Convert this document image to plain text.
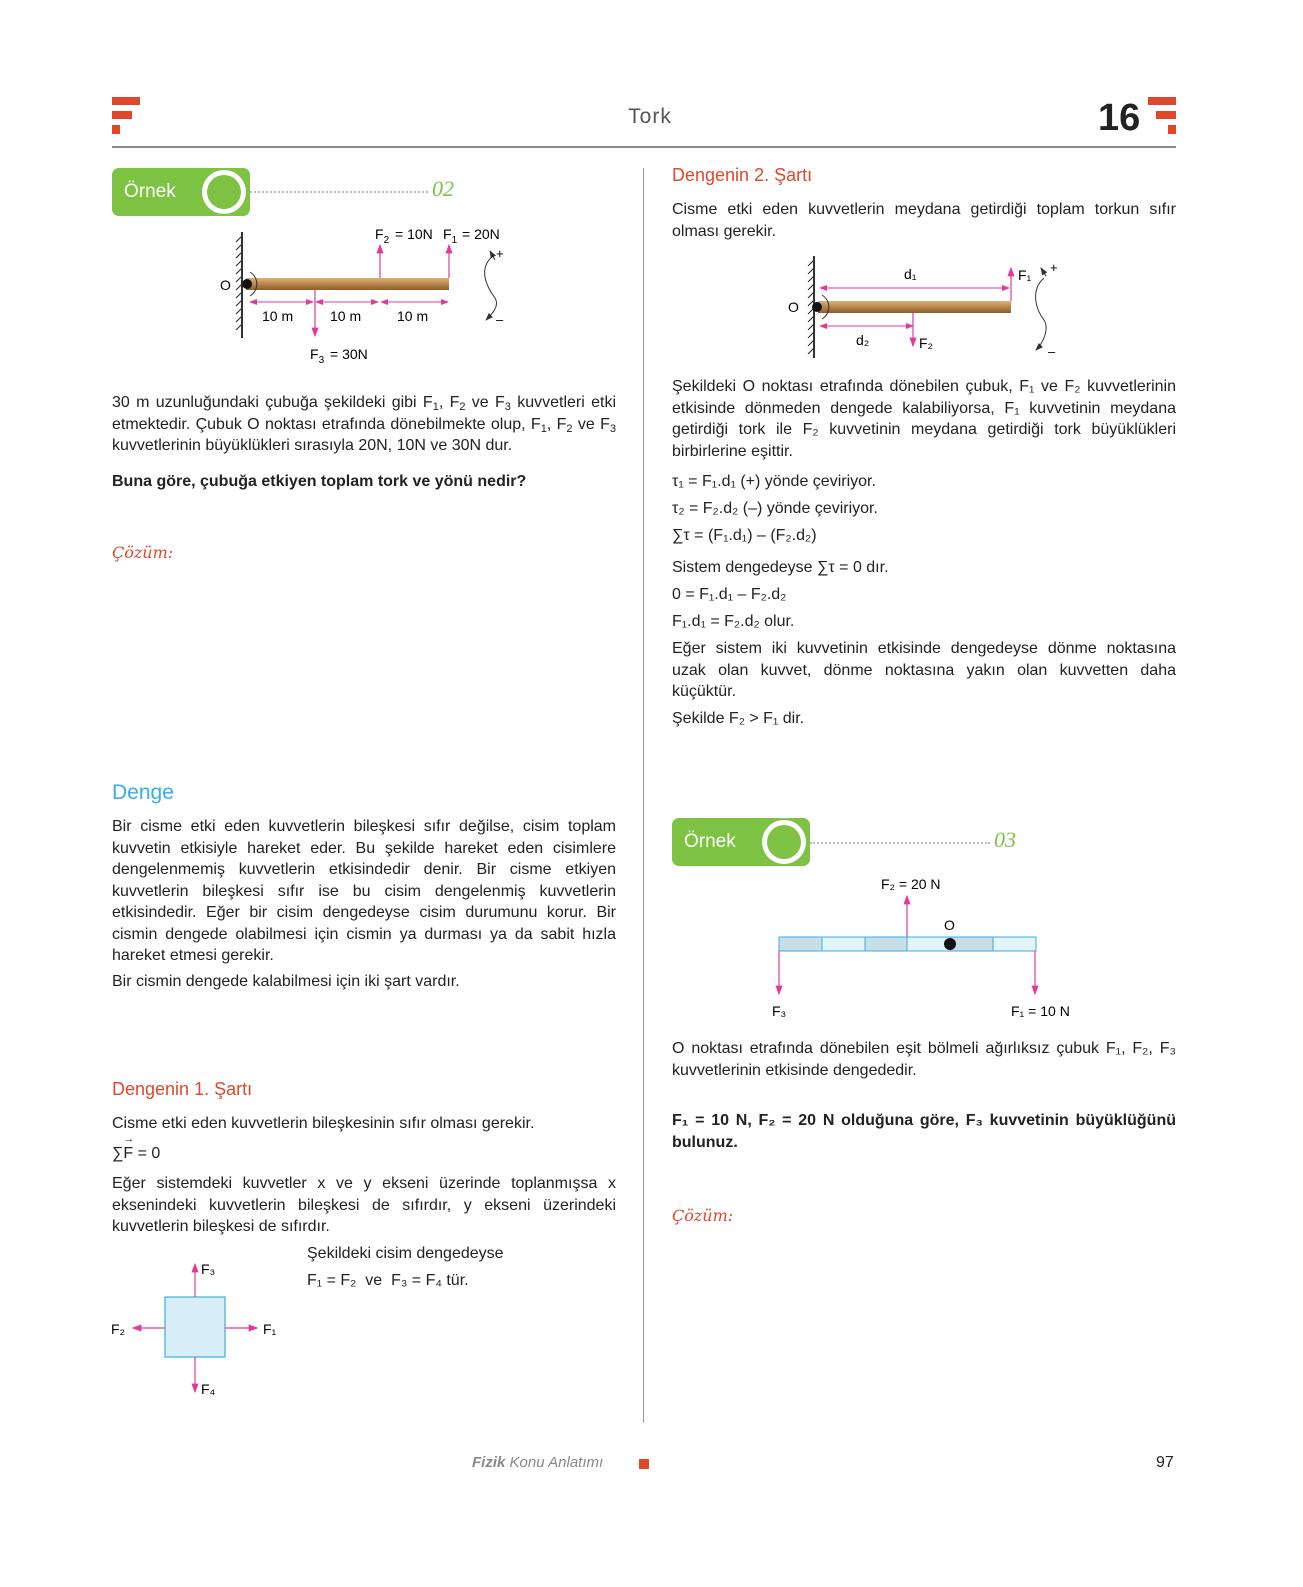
Tork	16
Örnek	02
O
10 m	10 m	10 m
$F_2 = 10N$ $F_1 = 20N$
$F_3 = 30N$
+
–
30 m uzunluğundaki çubuğa şekildeki gibi $F_1$, $F_2$ ve $F_3$ kuvvetleri etki etmektedir. Çubuk O noktası etrafında dönebilmekte olup, $F_1$, $F_2$ ve $F_3$ kuvvetlerinin büyüklükleri sırasıyla 20N, 10N ve 30N dur.
Buna göre, çubuğa etkiyen toplam tork ve yönü nedir?
Çözüm:
Denge
Bir cisme etki eden kuvvetlerin bileşkesi sıfır değilse, cisim toplam kuvvetin etkisiyle hareket eder. Bu şekilde hareket eden cisimlere dengelenmemiş kuvvetlerin etkisindedir denir. Bir cisme etkiyen kuvvetlerin bileşkesi sıfır ise bu cisim dengelenmiş kuvvetlerin etkisindedir. Eğer bir cisim dengedeyse cisim durumunu korur. Bir cismin dengede olabilmesi için cismin ya durması ya da sabit hızla hareket etmesi gerekir.
Bir cismin dengede kalabilmesi için iki şart vardır.
Dengenin 1. Şartı
Cisme etki eden kuvvetlerin bileşkesinin sıfır olması gerekir.
∑→ F = 0
Eğer sistemdeki kuvvetler x ve y ekseni üzerinde toplanmışsa x eksenindeki kuvvetlerin bileşkesi de sıfırdır, y ekseni üzerindeki kuvvetlerin bileşkesi de sıfırdır.
F₃
F₄
F₂	F₁
Şekildeki cisim dengedeyse
F₁ = F₂  ve  F₃ = F₄ tür.
Dengenin 2. Şartı
Cisme etki eden kuvvetlerin meydana getirdiği toplam torkun sıfır olması gerekir.
O
d₁
d₂
F₁
F₂
+
–
Şekildeki O noktası etrafında dönebilen çubuk, F₁ ve F₂ kuvvetlerinin etkisinde dönmeden dengede kalabiliyorsa, F₁ kuvvetinin meydana getirdiği tork ile F₂ kuvvetinin meydana getirdiği tork büyüklükleri birbirlerine eşittir.
τ₁ = F₁.d₁ (+) yönde çeviriyor.
τ₂ = F₂.d₂ (–) yönde çeviriyor.
∑τ = (F₁.d₁) – (F₂.d₂)
Sistem dengedeyse ∑τ = 0 dır.
0 = F₁.d₁ – F₂.d₂
F₁.d₁ = F₂.d₂ olur.
Eğer sistem iki kuvvetinin etkisinde dengedeyse dönme noktasına uzak olan kuvvet, dönme noktasına yakın olan kuvvetten daha küçüktür.
Şekilde F₂ > F₁ dir.
Örnek	03
O
F₂ = 20 N
F₃	F₁ = 10 N
O noktası etrafında dönebilen eşit bölmeli ağırlıksız çubuk F₁, F₂, F₃ kuvvetlerinin etkisinde dengededir.
F₁ = 10 N, F₂ = 20 N olduğuna göre, F₃ kuvvetinin büyüklüğünü bulunuz.
Çözüm:
Fizik Konu Anlatımı	97
